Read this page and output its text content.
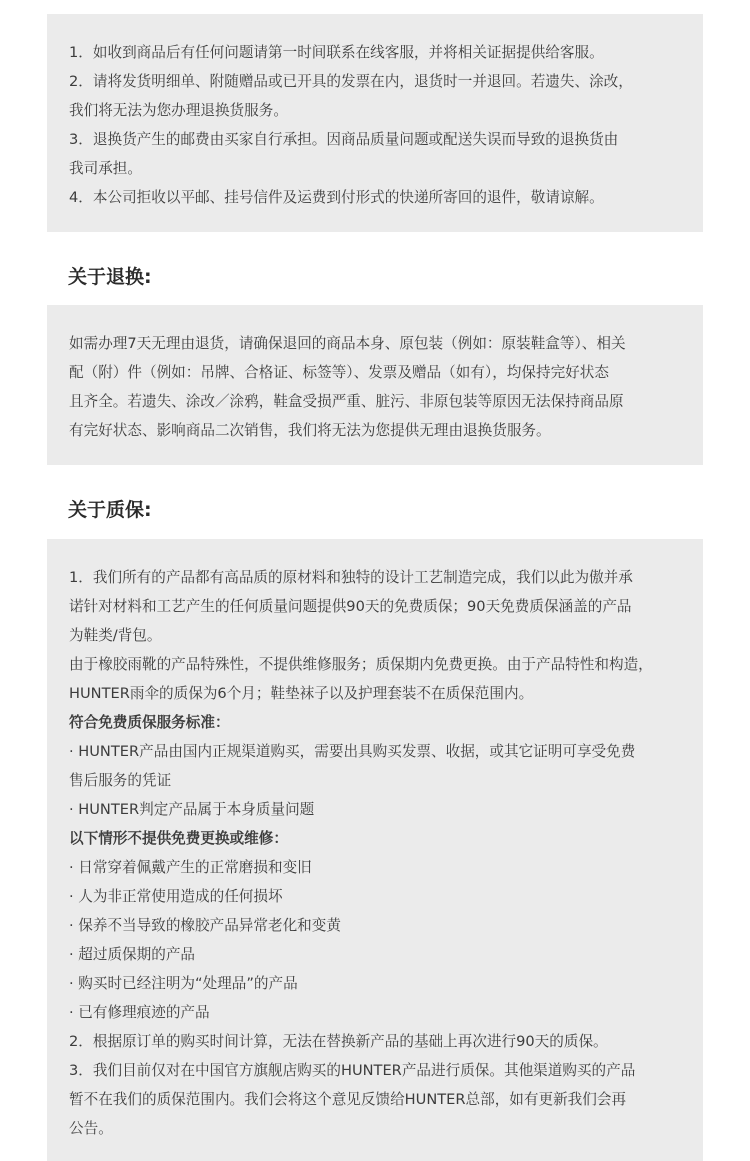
1．如收到商品后有任何问题请第一时间联系在线客服，并将相关证据提供给客服。

2．请将发货明细单、附随赠品或已开具的发票在内，退货时一并退回。若遗失、涂改，

我们将无法为您办理退换货服务。

3．退换货产生的邮费由买家自行承担。因商品质量问题或配送失误而导致的退换货由

我司承担。

4．本公司拒收以平邮、挂号信件及运费到付形式的快递所寄回的退件，敬请谅解。

关于退换:

如需办理7天无理由退货，请确保退回的商品本身、原包装（例如：原装鞋盒等）、相关

配（附）件（例如：吊牌、合格证、标签等）、发票及赠品（如有），均保持完好状态

且齐全。若遗失、涂改／涂鸦，鞋盒受损严重、脏污、非原包装等原因无法保持商品原

有完好状态、影响商品二次销售，我们将无法为您提供无理由退换货服务。

关于质保:

1．我们所有的产品都有高品质的原材料和独特的设计工艺制造完成，我们以此为傲并承

诺针对材料和工艺产生的任何质量问题提供90天的免费质保；90天免费质保涵盖的产品

为鞋类/背包。

由于橡胶雨靴的产品特殊性，不提供维修服务；质保期内免费更换。由于产品特性和构造，

HUNTER雨伞的质保为6个月；鞋垫袜子以及护理套装不在质保范围内。

符合免费质保服务标准：

· HUNTER产品由国内正规渠道购买，需要出具购买发票、收据，或其它证明可享受免费

售后服务的凭证

· HUNTER判定产品属于本身质量问题

以下情形不提供免费更换或维修：

· 日常穿着佩戴产生的正常磨损和变旧

· 人为非正常使用造成的任何损坏

· 保养不当导致的橡胶产品异常老化和变黄

· 超过质保期的产品

· 购买时已经注明为“处理品”的产品

· 已有修理痕迹的产品

2．根据原订单的购买时间计算，无法在替换新产品的基础上再次进行90天的质保。

3．我们目前仅对在中国官方旗舰店购买的HUNTER产品进行质保。其他渠道购买的产品

暂不在我们的质保范围内。我们会将这个意见反馈给HUNTER总部，如有更新我们会再

公告。
